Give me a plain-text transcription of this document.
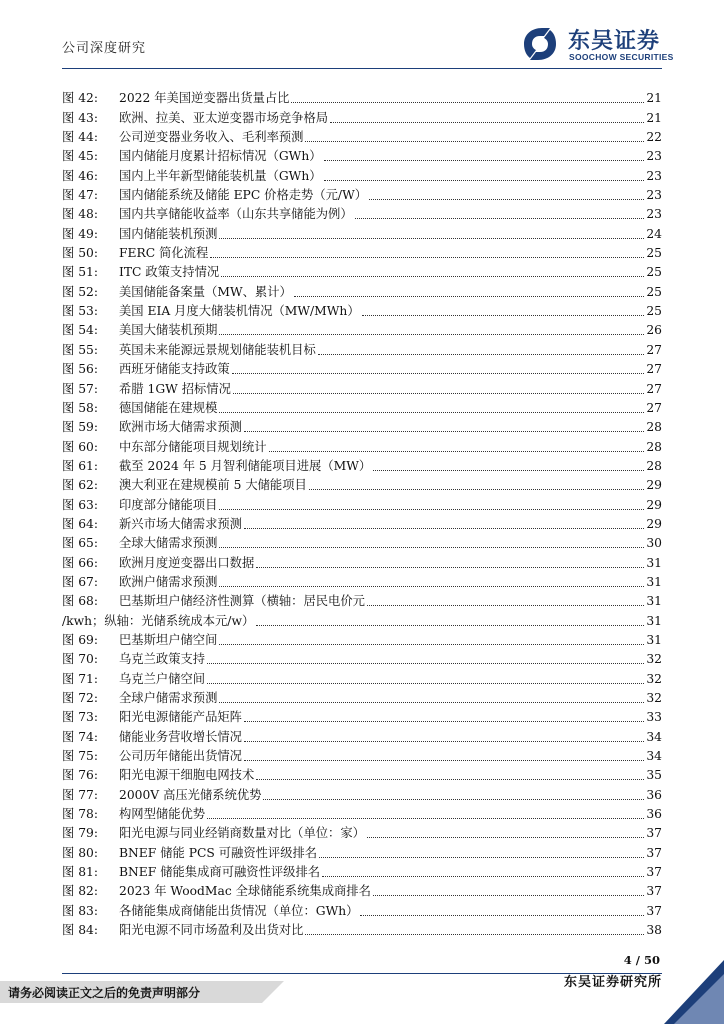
公司深度研究	东吴证券
SOOCHOW SECURITIES
图 42:	2022 年美国逆变器出货量占比	21
图 43:	欧洲、拉美、亚太逆变器市场竞争格局	21
图 44:	公司逆变器业务收入、毛利率预测	22
图 45:	国内储能月度累计招标情况（GWh）	23
图 46:	国内上半年新型储能装机量（GWh）	23
图 47:	国内储能系统及储能 EPC 价格走势（元/W）	23
图 48:	国内共享储能收益率（山东共享储能为例）	23
图 49:	国内储能装机预测	24
图 50:	FERC 简化流程	25
图 51:	ITC 政策支持情况	25
图 52:	美国储能备案量（MW、累计）	25
图 53:	美国 EIA 月度大储装机情况（MW/MWh）	25
图 54:	美国大储装机预期	26
图 55:	英国未来能源远景规划储能装机目标	27
图 56:	西班牙储能支持政策	27
图 57:	希腊 1GW 招标情况	27
图 58:	德国储能在建规模	27
图 59:	欧洲市场大储需求预测	28
图 60:	中东部分储能项目规划统计	28
图 61:	截至 2024 年 5 月智利储能项目进展（MW）	28
图 62:	澳大利亚在建规模前 5 大储能项目	29
图 63:	印度部分储能项目	29
图 64:	新兴市场大储需求预测	29
图 65:	全球大储需求预测	30
图 66:	欧洲月度逆变器出口数据	31
图 67:	欧洲户储需求预测	31
图 68:	巴基斯坦户储经济性测算（横轴：居民电价元	31
/kwh；纵轴：光储系统成本元/w）	31
图 69:	巴基斯坦户储空间	31
图 70:	乌克兰政策支持	32
图 71:	乌克兰户储空间	32
图 72:	全球户储需求预测	32
图 73:	阳光电源储能产品矩阵	33
图 74:	储能业务营收增长情况	34
图 75:	公司历年储能出货情况	34
图 76:	阳光电源干细胞电网技术	35
图 77:	2000V 高压光储系统优势	36
图 78:	构网型储能优势	36
图 79:	阳光电源与同业经销商数量对比（单位：家）	37
图 80:	BNEF 储能 PCS 可融资性评级排名	37
图 81:	BNEF 储能集成商可融资性评级排名	37
图 82:	2023 年 WoodMac 全球储能系统集成商排名	37
图 83:	各储能集成商储能出货情况（单位：GWh）	37
图 84:	阳光电源不同市场盈利及出货对比	38
4 / 50
东吴证券研究所
请务必阅读正文之后的免责声明部分
